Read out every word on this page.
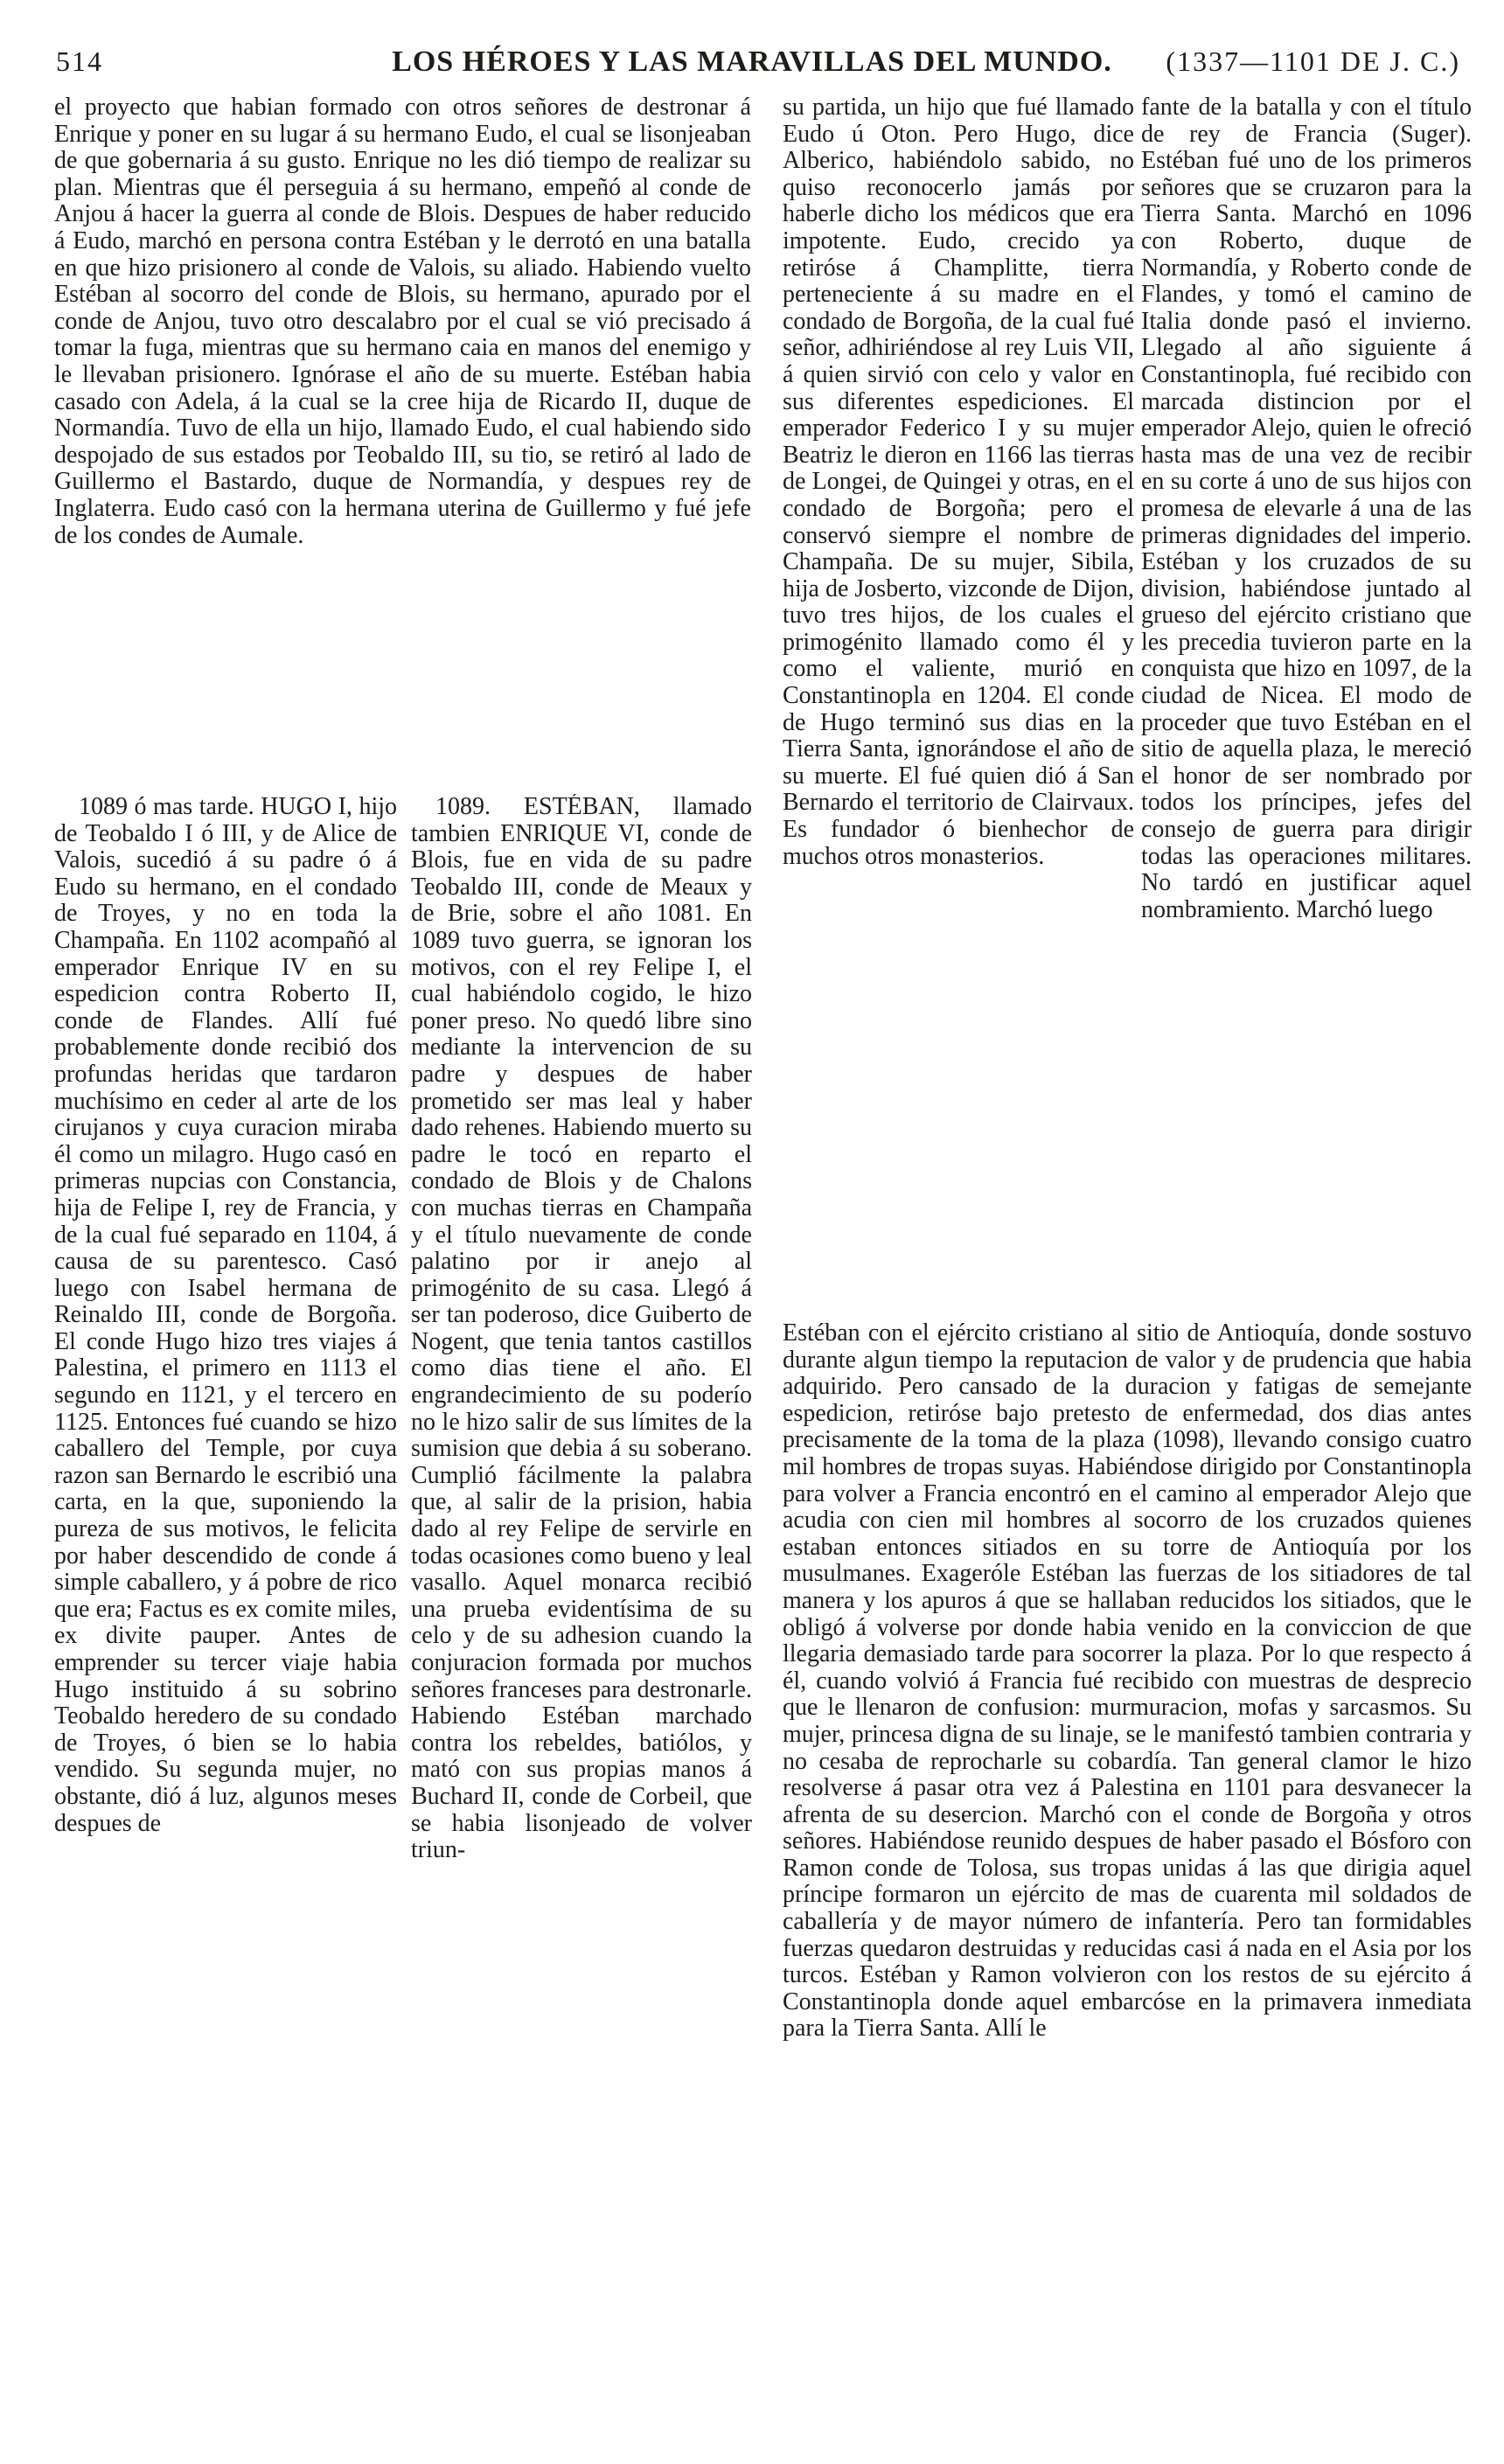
514	LOS HÉROES Y LAS MARAVILLAS DEL MUNDO.	(1337—1101 DE J. C.)

el proyecto que habian formado con otros señores de destronar á Enrique y poner en su lugar á su hermano Eudo, el cual se lisonjeaban de que gobernaria á su gusto. Enrique no les dió tiempo de realizar su plan. Mientras que él perseguia á su hermano, empeñó al conde de Anjou á hacer la guerra al conde de Blois. Despues de haber reducido á Eudo, marchó en persona contra Estéban y le derrotó en una batalla en que hizo prisionero al conde de Valois, su aliado. Habiendo vuelto Estéban al socorro del conde de Blois, su hermano, apurado por el conde de Anjou, tuvo otro descalabro por el cual se vió precisado á tomar la fuga, mientras que su hermano caia en manos del enemigo y le llevaban prisionero. Ignórase el año de su muerte. Estéban habia casado con Adela, á la cual se la cree hija de Ricardo II, duque de Normandía. Tuvo de ella un hijo, llamado Eudo, el cual habiendo sido despojado de sus estados por Teobaldo III, su tio, se retiró al lado de Guillermo el Bastardo, duque de Normandía, y despues rey de Inglaterra. Eudo casó con la hermana uterina de Guillermo y fué jefe de los condes de Aumale.

1089 ó mas tarde. HUGO I, hijo de Teobaldo I ó III, y de Alice de Valois, sucedió á su padre ó á Eudo su hermano, en el condado de Troyes, y no en toda la Champaña. En 1102 acompañó al emperador Enrique IV en su espedicion contra Roberto II, conde de Flandes. Allí fué probablemente donde recibió dos profundas heridas que tardaron muchísimo en ceder al arte de los cirujanos y cuya curacion miraba él como un milagro. Hugo casó en primeras nupcias con Constancia, hija de Felipe I, rey de Francia, y de la cual fué separado en 1104, á causa de su parentesco. Casó luego con Isabel hermana de Reinaldo III, conde de Borgoña. El conde Hugo hizo tres viajes á Palestina, el primero en 1113 el segundo en 1121, y el tercero en 1125. Entonces fué cuando se hizo caballero del Temple, por cuya razon san Bernardo le escribió una carta, en la que, suponiendo la pureza de sus motivos, le felicita por haber descendido de conde á simple caballero, y á pobre de rico que era; Factus es ex comite miles, ex divite pauper. Antes de emprender su tercer viaje habia Hugo instituido á su sobrino Teobaldo heredero de su condado de Troyes, ó bien se lo habia vendido. Su segunda mujer, no obstante, dió á luz, algunos meses despues de

1089. ESTÉBAN, llamado tambien ENRIQUE VI, conde de Blois, fue en vida de su padre Teobaldo III, conde de Meaux y de Brie, sobre el año 1081. En 1089 tuvo guerra, se ignoran los motivos, con el rey Felipe I, el cual habiéndolo cogido, le hizo poner preso. No quedó libre sino mediante la intervencion de su padre y despues de haber prometido ser mas leal y haber dado rehenes. Habiendo muerto su padre le tocó en reparto el condado de Blois y de Chalons con muchas tierras en Champaña y el título nuevamente de conde palatino por ir anejo al primogénito de su casa. Llegó á ser tan poderoso, dice Guiberto de Nogent, que tenia tantos castillos como dias tiene el año. El engrandecimiento de su poderío no le hizo salir de sus límites de la sumision que debia á su soberano. Cumplió fácilmente la palabra que, al salir de la prision, habia dado al rey Felipe de servirle en todas ocasiones como bueno y leal vasallo. Aquel monarca recibió una prueba evidentísima de su celo y de su adhesion cuando la conjuracion formada por muchos señores franceses para destronarle. Habiendo Estéban marchado contra los rebeldes, batiólos, y mató con sus propias manos á Buchard II, conde de Corbeil, que se habia lisonjeado de volver triun-

su partida, un hijo que fué llamado Eudo ú Oton. Pero Hugo, dice Alberico, habiéndolo sabido, no quiso reconocerlo jamás por haberle dicho los médicos que era impotente. Eudo, crecido ya retiróse á Champlitte, tierra perteneciente á su madre en el condado de Borgoña, de la cual fué señor, adhiriéndose al rey Luis VII, á quien sirvió con celo y valor en sus diferentes espediciones. El emperador Federico I y su mujer Beatriz le dieron en 1166 las tierras de Longei, de Quingei y otras, en el condado de Borgoña; pero el conservó siempre el nombre de Champaña. De su mujer, Sibila, hija de Josberto, vizconde de Dijon, tuvo tres hijos, de los cuales el primogénito llamado como él y como el valiente, murió en Constantinopla en 1204. El conde de Hugo terminó sus dias en la Tierra Santa, ignorándose el año de su muerte. El fué quien dió á San Bernardo el territorio de Clairvaux. Es fundador ó bienhechor de muchos otros monasterios.

fante de la batalla y con el título de rey de Francia (Suger). Estéban fué uno de los primeros señores que se cruzaron para la Tierra Santa. Marchó en 1096 con Roberto, duque de Normandía, y Roberto conde de Flandes, y tomó el camino de Italia donde pasó el invierno. Llegado al año siguiente á Constantinopla, fué recibido con marcada distincion por el emperador Alejo, quien le ofreció hasta mas de una vez de recibir en su corte á uno de sus hijos con promesa de elevarle á una de las primeras dignidades del imperio. Estéban y los cruzados de su division, habiéndose juntado al grueso del ejército cristiano que les precedia tuvieron parte en la conquista que hizo en 1097, de la ciudad de Nicea. El modo de proceder que tuvo Estéban en el sitio de aquella plaza, le mereció el honor de ser nombrado por todos los príncipes, jefes del consejo de guerra para dirigir todas las operaciones militares. No tardó en justificar aquel nombramiento. Marchó luego

Estéban con el ejército cristiano al sitio de Antioquía, donde sostuvo durante algun tiempo la reputacion de valor y de prudencia que habia adquirido. Pero cansado de la duracion y fatigas de semejante espedicion, retiróse bajo pretesto de enfermedad, dos dias antes precisamente de la toma de la plaza (1098), llevando consigo cuatro mil hombres de tropas suyas. Habiéndose dirigido por Constantinopla para volver a Francia encontró en el camino al emperador Alejo que acudia con cien mil hombres al socorro de los cruzados quienes estaban entonces sitiados en su torre de Antioquía por los musulmanes. Exageróle Estéban las fuerzas de los sitiadores de tal manera y los apuros á que se hallaban reducidos los sitiados, que le obligó á volverse por donde habia venido en la conviccion de que llegaria demasiado tarde para socorrer la plaza. Por lo que respecto á él, cuando volvió á Francia fué recibido con muestras de desprecio que le llenaron de confusion: murmuracion, mofas y sarcasmos. Su mujer, princesa digna de su linaje, se le manifestó tambien contraria y no cesaba de reprocharle su cobardía. Tan general clamor le hizo resolverse á pasar otra vez á Palestina en 1101 para desvanecer la afrenta de su desercion. Marchó con el conde de Borgoña y otros señores. Habiéndose reunido despues de haber pasado el Bósforo con Ramon conde de Tolosa, sus tropas unidas á las que dirigia aquel príncipe formaron un ejército de mas de cuarenta mil soldados de caballería y de mayor número de infantería. Pero tan formidables fuerzas quedaron destruidas y reducidas casi á nada en el Asia por los turcos. Estéban y Ramon volvieron con los restos de su ejército á Constantinopla donde aquel embarcóse en la primavera inmediata para la Tierra Santa. Allí le
